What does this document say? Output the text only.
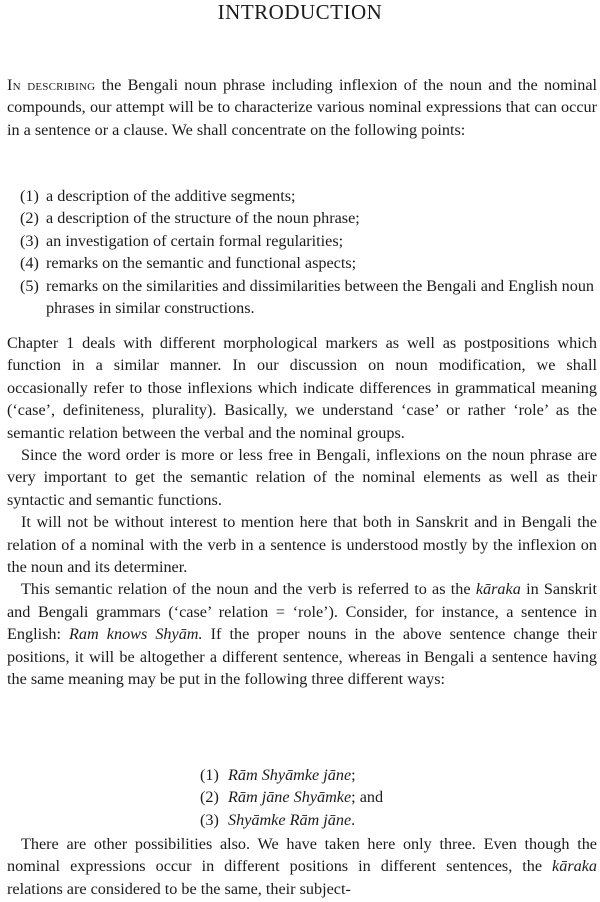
INTRODUCTION

In describing the Bengali noun phrase including inflexion of the noun and the nominal compounds, our attempt will be to characterize various nominal expressions that can occur in a sentence or a clause. We shall concentrate on the following points:

(1) a description of the additive segments;
(2) a description of the structure of the noun phrase;
(3) an investigation of certain formal regularities;
(4) remarks on the semantic and functional aspects;
(5) remarks on the similarities and dissimilarities between the Bengali and English noun phrases in similar constructions.

Chapter 1 deals with different morphological markers as well as postpositions which function in a similar manner. In our discussion on noun modification, we shall occasionally refer to those inflexions which indicate differences in grammatical meaning (‘case’, definiteness, plurality). Basically, we understand ‘case’ or rather ‘role’ as the semantic relation between the verbal and the nominal groups.

Since the word order is more or less free in Bengali, inflexions on the noun phrase are very important to get the semantic relation of the nominal elements as well as their syntactic and semantic functions.

It will not be without interest to mention here that both in Sanskrit and in Bengali the relation of a nominal with the verb in a sentence is understood mostly by the inflexion on the noun and its determiner.

This semantic relation of the noun and the verb is referred to as the kāraka in Sanskrit and Bengali grammars (‘case’ relation = ‘role’). Consider, for instance, a sentence in English: Ram knows Shyām. If the proper nouns in the above sentence change their positions, it will be altogether a different sentence, whereas in Bengali a sentence having the same meaning may be put in the following three different ways:

(1) Rām Shyāmke jāne;
(2) Rām jāne Shyāmke; and
(3) Shyāmke Rām jāne.

There are other possibilities also. We have taken here only three. Even though the nominal expressions occur in different positions in different sentences, the kāraka relations are considered to be the same, their subject-
